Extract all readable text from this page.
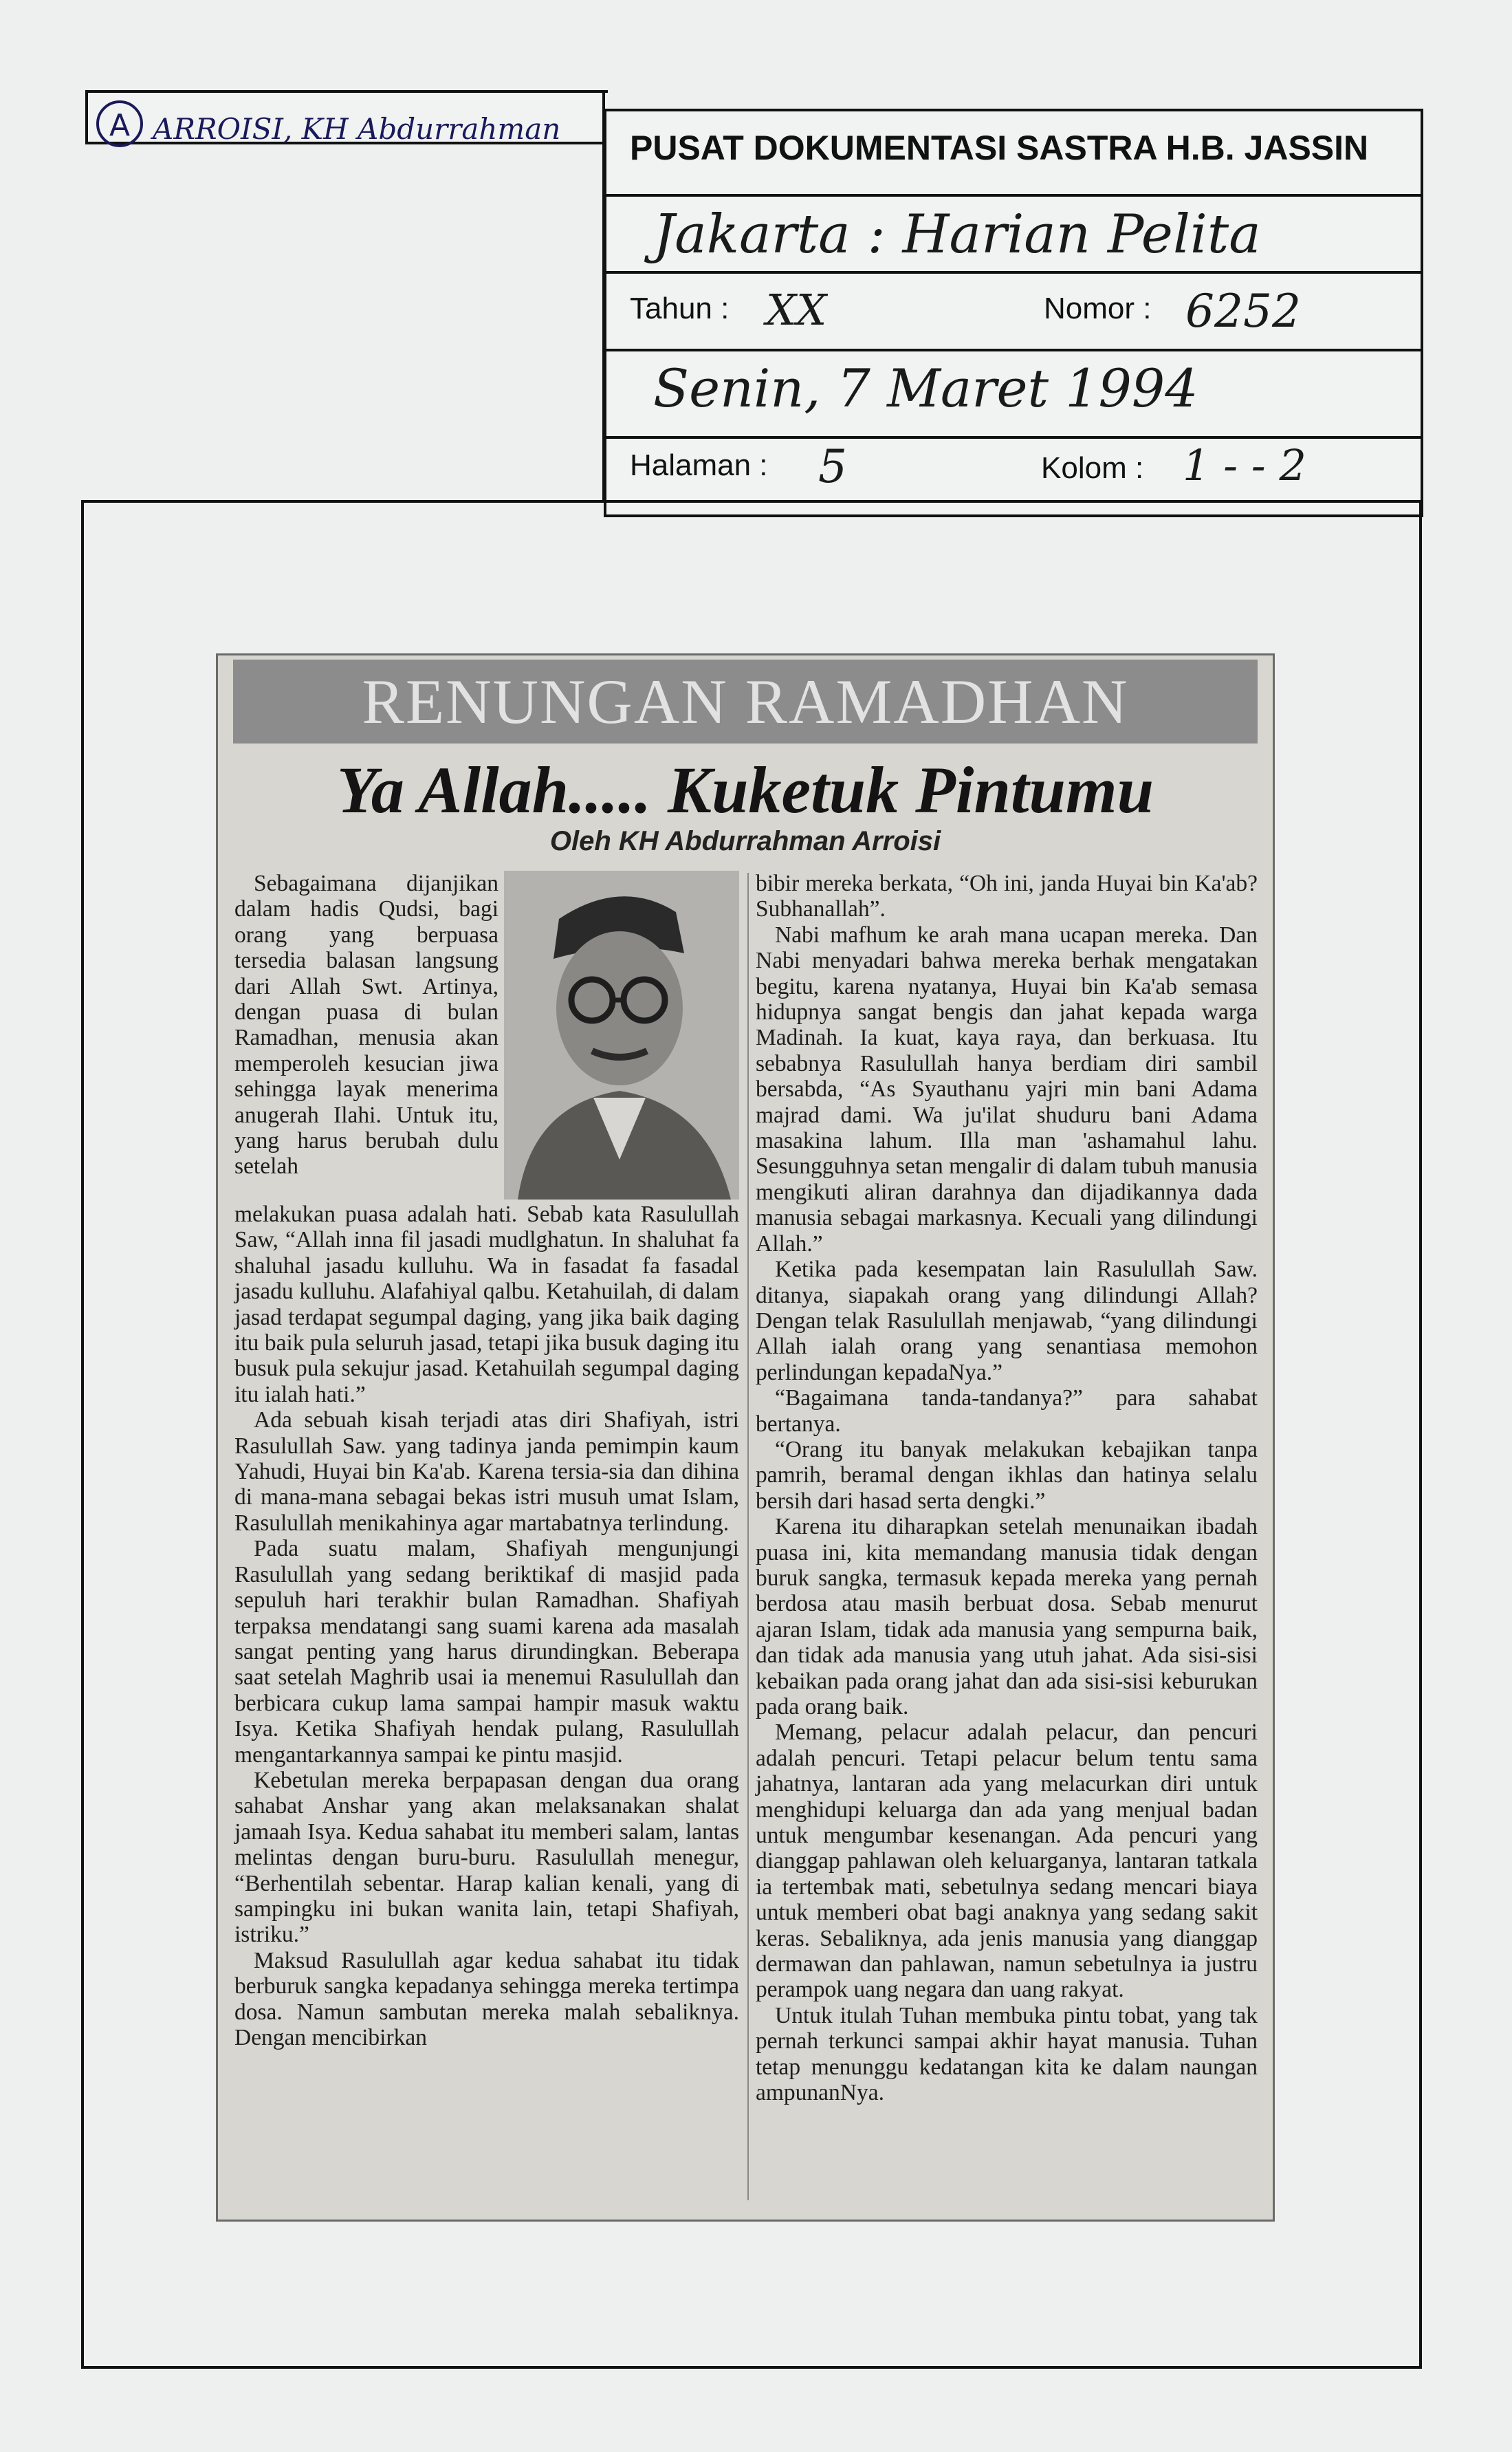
A ARROISI, KH Abdurrahman	PUSAT DOKUMENTASI SASTRA H.B. JASSIN
Jakarta : Harian Pelita
Tahun : XX	Nomor : 6252
Senin, 7 Maret 1994
Halaman : 5	Kolom : 1 - - 2
RENUNGAN RAMADHAN
Ya Allah..... Kuketuk Pintumu
Oleh KH Abdurrahman Arroisi

Sebagaimana dijanjikan dalam hadis Qudsi, bagi orang yang berpuasa tersedia balasan langsung dari Allah Swt. Artinya, dengan puasa di bulan Ramadhan, menusia akan memperoleh kesucian jiwa sehingga layak menerima anugerah Ilahi. Untuk itu, yang harus berubah dulu setelah

melakukan puasa adalah hati. Sebab kata Rasulullah Saw, “Allah inna fil jasadi mudlghatun. In shaluhat fa shaluhal jasadu kulluhu. Wa in fasadat fa fasadal jasadu kulluhu. Alafahiyal qalbu. Ketahuilah, di dalam jasad terdapat segumpal daging, yang jika baik daging itu baik pula seluruh jasad, tetapi jika busuk daging itu busuk pula sekujur jasad. Ketahuilah segumpal daging itu ialah hati.”

Ada sebuah kisah terjadi atas diri Shafiyah, istri Rasulullah Saw. yang tadinya janda pemimpin kaum Yahudi, Huyai bin Ka'ab. Karena tersia-sia dan dihina di mana-mana sebagai bekas istri musuh umat Islam, Rasulullah menikahinya agar martabatnya terlindung.

Pada suatu malam, Shafiyah mengunjungi Rasulullah yang sedang beriktikaf di masjid pada sepuluh hari terakhir bulan Ramadhan. Shafiyah terpaksa mendatangi sang suami karena ada masalah sangat penting yang harus dirundingkan. Beberapa saat setelah Maghrib usai ia menemui Rasulullah dan berbicara cukup lama sampai hampir masuk waktu Isya. Ketika Shafiyah hendak pulang, Rasulullah mengantarkannya sampai ke pintu masjid.

Kebetulan mereka berpapasan dengan dua orang sahabat Anshar yang akan melaksanakan shalat jamaah Isya. Kedua sahabat itu memberi salam, lantas melintas dengan buru-buru. Rasulullah menegur, “Berhentilah sebentar. Harap kalian kenali, yang di sampingku ini bukan wanita lain, tetapi Shafiyah, istriku.”

Maksud Rasulullah agar kedua sahabat itu tidak berburuk sangka kepadanya sehingga mereka tertimpa dosa. Namun sambutan mereka malah sebaliknya. Dengan mencibirkan

bibir mereka berkata, “Oh ini, janda Huyai bin Ka'ab? Subhanallah”.

Nabi mafhum ke arah mana ucapan mereka. Dan Nabi menyadari bahwa mereka berhak mengatakan begitu, karena nyatanya, Huyai bin Ka'ab semasa hidupnya sangat bengis dan jahat kepada warga Madinah. Ia kuat, kaya raya, dan berkuasa. Itu sebabnya Rasulullah hanya berdiam diri sambil bersabda, “As Syauthanu yajri min bani Adama majrad dami. Wa ju'ilat shuduru bani Adama masakina lahum. Illa man 'ashamahul lahu. Sesungguhnya setan mengalir di dalam tubuh manusia mengikuti aliran darahnya dan dijadikannya dada manusia sebagai markasnya. Kecuali yang dilindungi Allah.”

Ketika pada kesempatan lain Rasulullah Saw. ditanya, siapakah orang yang dilindungi Allah? Dengan telak Rasulullah menjawab, “yang dilindungi Allah ialah orang yang senantiasa memohon perlindungan kepadaNya.”

“Bagaimana tanda-tandanya?” para sahabat bertanya.

“Orang itu banyak melakukan kebajikan tanpa pamrih, beramal dengan ikhlas dan hatinya selalu bersih dari hasad serta dengki.”

Karena itu diharapkan setelah menunaikan ibadah puasa ini, kita memandang manusia tidak dengan buruk sangka, termasuk kepada mereka yang pernah berdosa atau masih berbuat dosa. Sebab menurut ajaran Islam, tidak ada manusia yang sempurna baik, dan tidak ada manusia yang utuh jahat. Ada sisi-sisi kebaikan pada orang jahat dan ada sisi-sisi keburukan pada orang baik.

Memang, pelacur adalah pelacur, dan pencuri adalah pencuri. Tetapi pelacur belum tentu sama jahatnya, lantaran ada yang melacurkan diri untuk menghidupi keluarga dan ada yang menjual badan untuk mengumbar kesenangan. Ada pencuri yang dianggap pahlawan oleh keluarganya, lantaran tatkala ia tertembak mati, sebetulnya sedang mencari biaya untuk memberi obat bagi anaknya yang sedang sakit keras. Sebaliknya, ada jenis manusia yang dianggap dermawan dan pahlawan, namun sebetulnya ia justru perampok uang negara dan uang rakyat.

Untuk itulah Tuhan membuka pintu tobat, yang tak pernah terkunci sampai akhir hayat manusia. Tuhan tetap menunggu kedatangan kita ke dalam naungan ampunanNya.
